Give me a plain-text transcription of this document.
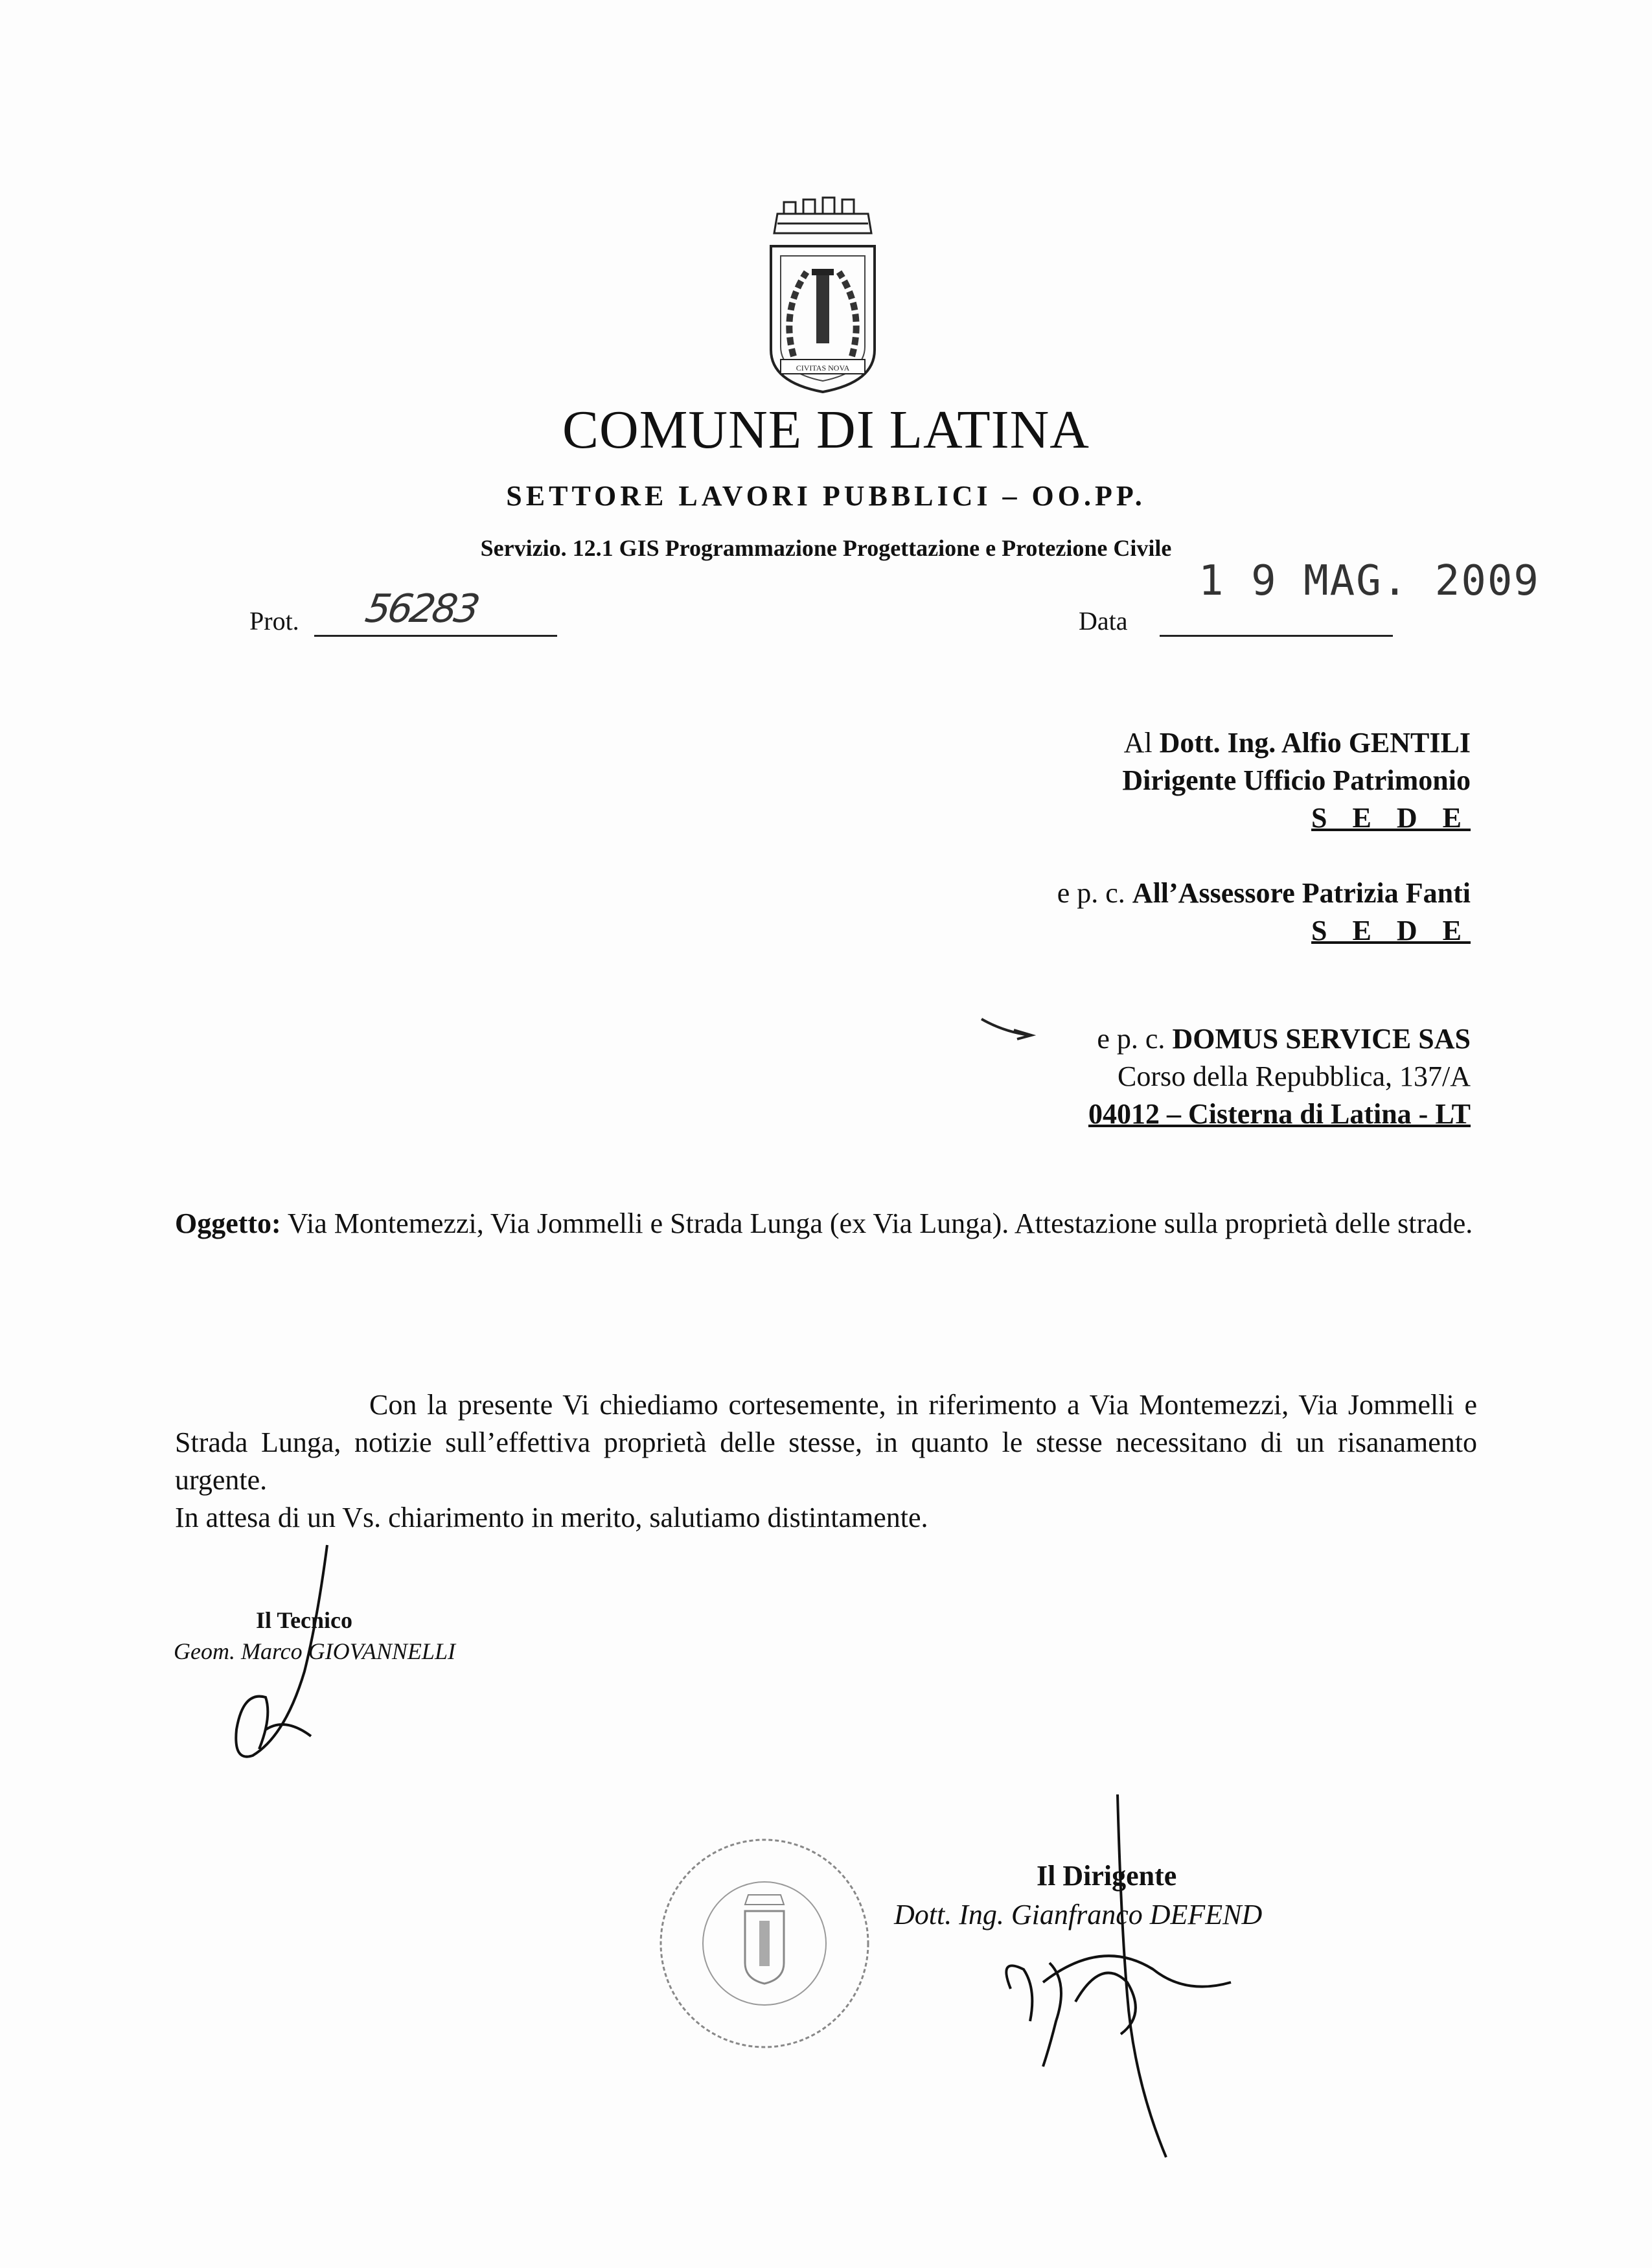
CIVITAS NOVA
COMUNE DI LATINA
SETTORE LAVORI PUBBLICI – OO.PP.
Servizio. 12.1 GIS Programmazione Progettazione e Protezione Civile
Prot. 56283
1 9 MAG. 2009
Data
Al Dott. Ing. Alfio GENTILI
Dirigente Ufficio Patrimonio
S E D E
e p. c. All’Assessore Patrizia Fanti
S E D E
e p. c. DOMUS SERVICE SAS
Corso della Repubblica, 137/A
04012 – Cisterna di Latina - LT
Oggetto: Via Montemezzi, Via Jommelli e Strada Lunga (ex Via Lunga). Attestazione sulla proprietà delle strade.

Con la presente Vi chiediamo cortesemente, in riferimento a Via Montemezzi, Via Jommelli e Strada Lunga, notizie sull’effettiva proprietà delle stesse, in quanto le stesse necessitano di un risanamento urgente.

In attesa di un Vs. chiarimento in merito, salutiamo distintamente.

Il Tecnico
Geom. Marco GIOVANNELLI
Il Dirigente
Dott. Ing. Gianfranco DEFEND
